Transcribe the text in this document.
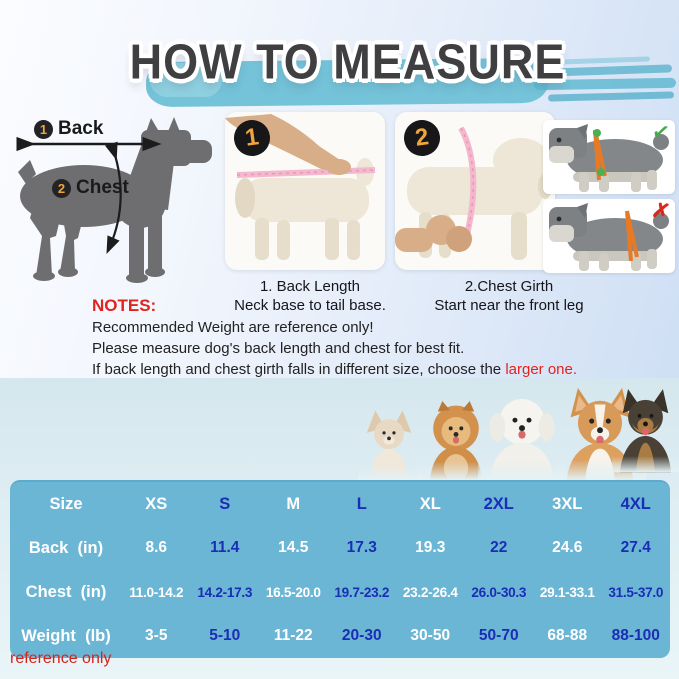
HOW TO MEASURE
1 Back
2 Chest
1	2	✓
✗
1. Back Length
Neck base to tail base.
2.Chest Girth
Start near the front leg
NOTES:
Recommended Weight are reference only!
Please measure dog's back length and chest for best fit.
If back length and chest girth falls in different size, choose the larger one.
Size	XS	S	M	L	XL	2XL	3XL	4XL
Back  (in)	8.6	11.4	14.5	17.3	19.3	22	24.6	27.4
Chest  (in)	11.0-14.2	14.2-17.3	16.5-20.0	19.7-23.2	23.2-26.4	26.0-30.3	29.1-33.1	31.5-37.0
Weight  (lb)	3-5	5-10	11-22	20-30	30-50	50-70	68-88	88-100
reference only
